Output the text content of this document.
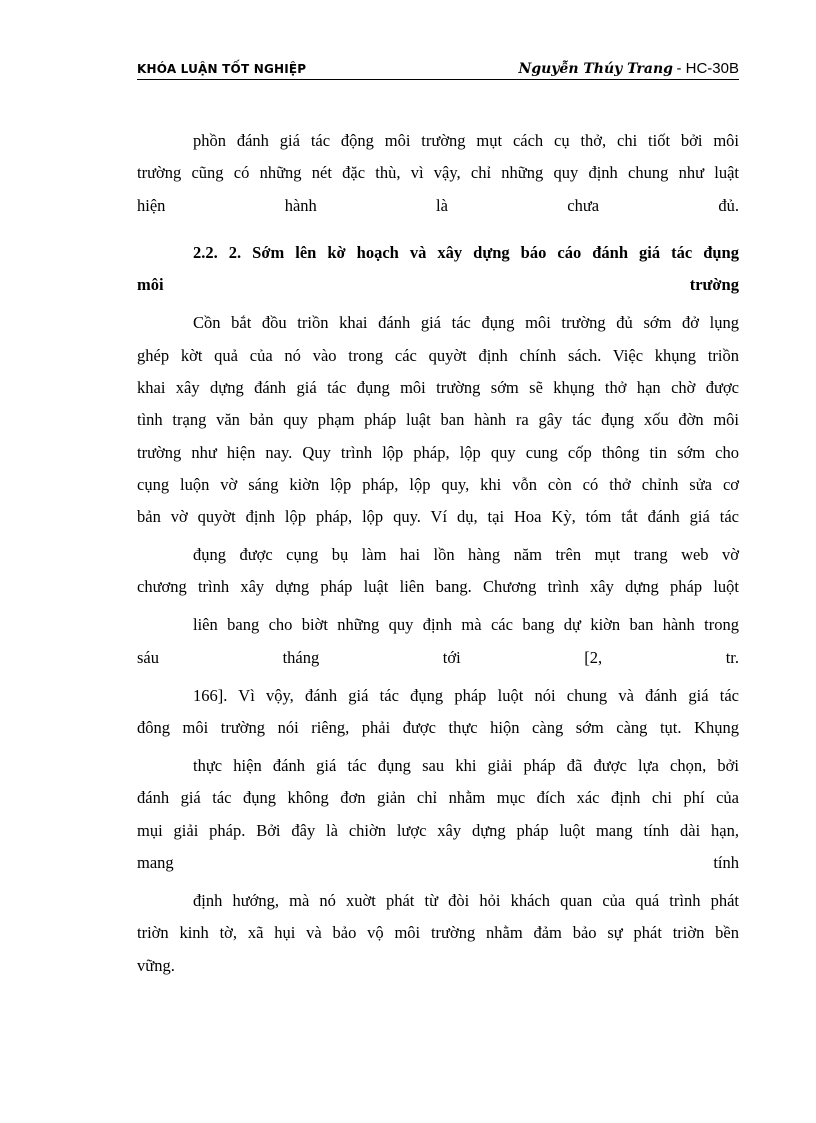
KHÓA LUẬN TỐT NGHIỆP	Nguyễn Thúy Trang - HC-30B
phồn đánh giá tác động môi trường mụt cách cụ thở, chi tiốt bởi môi
trường cũng có những nét đặc thù, vì vậy, chỉ những quy định chung như luật
hiện hành là chưa đủ.
2.2. 2. Sớm lên kờ hoạch và xây dựng báo cáo đánh giá tác đụng
môi trường
Cồn bắt đồu triồn khai đánh giá tác đụng môi trường đủ sớm đở lụng
ghép kờt quả của nó vào trong các quyờt định chính sách. Việc khụng triồn
khai xây dựng đánh giá tác đụng môi trường sớm sẽ khụng thở hạn chờ được
tình trạng văn bản quy phạm pháp luật ban hành ra gây tác đụng xốu đờn môi
trường như hiện nay. Quy trình lộp pháp, lộp quy cung cốp thông tin sớm cho
cụng luộn vờ sáng kiờn lộp pháp, lộp quy, khi vỗn còn có thở chỉnh sửa cơ
bản vờ quyờt định lộp pháp, lộp quy. Ví dụ, tại Hoa Kỳ, tóm tắt đánh giá tác
đụng được cụng bụ làm hai lồn hàng năm trên mụt trang web vờ
chương trình xây dựng pháp luật liên bang. Chương trình xây dựng pháp luột
liên bang cho biờt những quy định mà các bang dự kiờn ban hành trong
sáu tháng tới [2, tr.
166]. Vì vộy, đánh giá tác đụng pháp luột nói chung và đánh giá tác
đông môi trường nói riêng, phải được thực hiộn càng sớm càng tụt. Khụng
thực hiện đánh giá tác đụng sau khi giải pháp đã được lựa chọn, bởi
đánh giá tác đụng không đơn giản chỉ nhằm mục đích xác định chi phí của
mụi giải pháp. Bởi đây là chiờn lược xây dựng pháp luột mang tính dài hạn,
mang tính
định hướng, mà nó xuờt phát từ đòi hỏi khách quan của quá trình phát
triờn kinh tờ, xã hụi và bảo vộ môi trường nhằm đảm bảo sự phát triờn bền
vững.
